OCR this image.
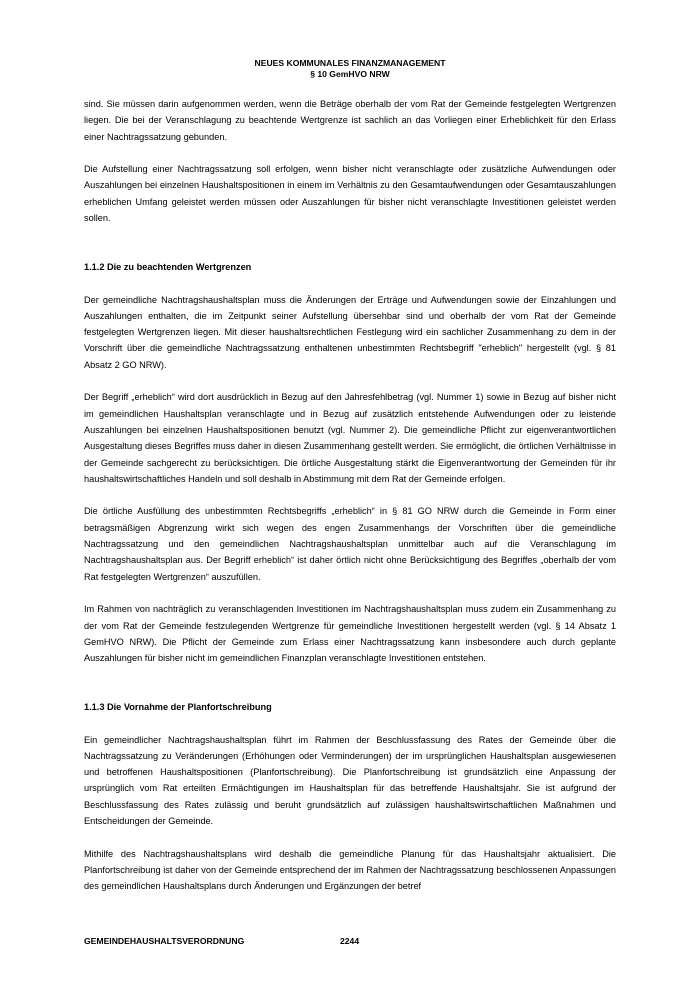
NEUES KOMMUNALES FINANZMANAGEMENT
§ 10 GemHVO NRW

sind. Sie müssen darin aufgenommen werden, wenn die Beträge oberhalb der vom Rat der Gemeinde festgelegten Wertgrenzen liegen. Die bei der Veranschlagung zu beachtende Wertgrenze ist sachlich an das Vorliegen einer Erheblichkeit für den Erlass einer Nachtragssatzung gebunden.

Die Aufstellung einer Nachtragssatzung soll erfolgen, wenn bisher nicht veranschlagte oder zusätzliche Aufwendungen oder Auszahlungen bei einzelnen Haushaltspositionen in einem im Verhältnis zu den Gesamtaufwendungen oder Gesamtauszahlungen erheblichen Umfang geleistet werden müssen oder Auszahlungen für bisher nicht veranschlagte Investitionen geleistet werden sollen.

1.1.2 Die zu beachtenden Wertgrenzen

Der gemeindliche Nachtragshaushaltsplan muss die Änderungen der Erträge und Aufwendungen sowie der Einzahlungen und Auszahlungen enthalten, die im Zeitpunkt seiner Aufstellung übersehbar sind und oberhalb der vom Rat der Gemeinde festgelegten Wertgrenzen liegen. Mit dieser haushaltsrechtlichen Festlegung wird ein sachlicher Zusammenhang zu dem in der Vorschrift über die gemeindliche Nachtragssatzung enthaltenen unbestimmten Rechtsbegriff "erheblich" hergestellt (vgl. § 81 Absatz 2 GO NRW).

Der Begriff „erheblich“ wird dort ausdrücklich in Bezug auf den Jahresfehlbetrag (vgl. Nummer 1) sowie in Bezug auf bisher nicht im gemeindlichen Haushaltsplan veranschlagte und in Bezug auf zusätzlich entstehende Aufwendungen oder zu leistende Auszahlungen bei einzelnen Haushaltspositionen benutzt (vgl. Nummer 2). Die gemeindliche Pflicht zur eigenverantwortlichen Ausgestaltung dieses Begriffes muss daher in diesen Zusammenhang gestellt werden. Sie ermöglicht, die örtlichen Verhältnisse in der Gemeinde sachgerecht zu berücksichtigen. Die örtliche Ausgestaltung stärkt die Eigenverantwortung der Gemeinden für ihr haushaltswirtschaftliches Handeln und soll deshalb in Abstimmung mit dem Rat der Gemeinde erfolgen.

Die örtliche Ausfüllung des unbestimmten Rechtsbegriffs „erheblich“ in § 81 GO NRW durch die Gemeinde in Form einer betragsmäßigen Abgrenzung wirkt sich wegen des engen Zusammenhangs der Vorschriften über die gemeindliche Nachtragssatzung und den gemeindlichen Nachtragshaushaltsplan unmittelbar auch auf die Veranschlagung im Nachtragshaushaltsplan aus. Der Begriff erheblich“ ist daher örtlich nicht ohne Berücksichtigung des Begriffes „oberhalb der vom Rat festgelegten Wertgrenzen“ auszufüllen.

Im Rahmen von nachträglich zu veranschlagenden Investitionen im Nachtragshaushaltsplan muss zudem ein Zusammenhang zu der vom Rat der Gemeinde festzulegenden Wertgrenze für gemeindliche Investitionen hergestellt werden (vgl. § 14 Absatz 1 GemHVO NRW). Die Pflicht der Gemeinde zum Erlass einer Nachtragssatzung kann insbesondere auch durch geplante Auszahlungen für bisher nicht im gemeindlichen Finanzplan veranschlagte Investitionen entstehen.

1.1.3 Die Vornahme der Planfortschreibung

Ein gemeindlicher Nachtragshaushaltsplan führt im Rahmen der Beschlussfassung des Rates der Gemeinde über die Nachtragssatzung zu Veränderungen (Erhöhungen oder Verminderungen) der im ursprünglichen Haushaltsplan ausgewiesenen und betroffenen Haushaltspositionen (Planfortschreibung). Die Planfortschreibung ist grundsätzlich eine Anpassung der ursprünglich vom Rat erteilten Ermächtigungen im Haushaltsplan für das betreffende Haushaltsjahr. Sie ist aufgrund der Beschlussfassung des Rates zulässig und beruht grundsätzlich auf zulässigen haushaltswirtschaftlichen Maßnahmen und Entscheidungen der Gemeinde.

Mithilfe des Nachtragshaushaltsplans wird deshalb die gemeindliche Planung für das Haushaltsjahr aktualisiert. Die Planfortschreibung ist daher von der Gemeinde entsprechend der im Rahmen der Nachtragssatzung beschlossenen Anpassungen des gemeindlichen Haushaltsplans durch Änderungen und Ergänzungen der betref

GEMEINDEHAUSHALTSVERORDNUNG	2244
